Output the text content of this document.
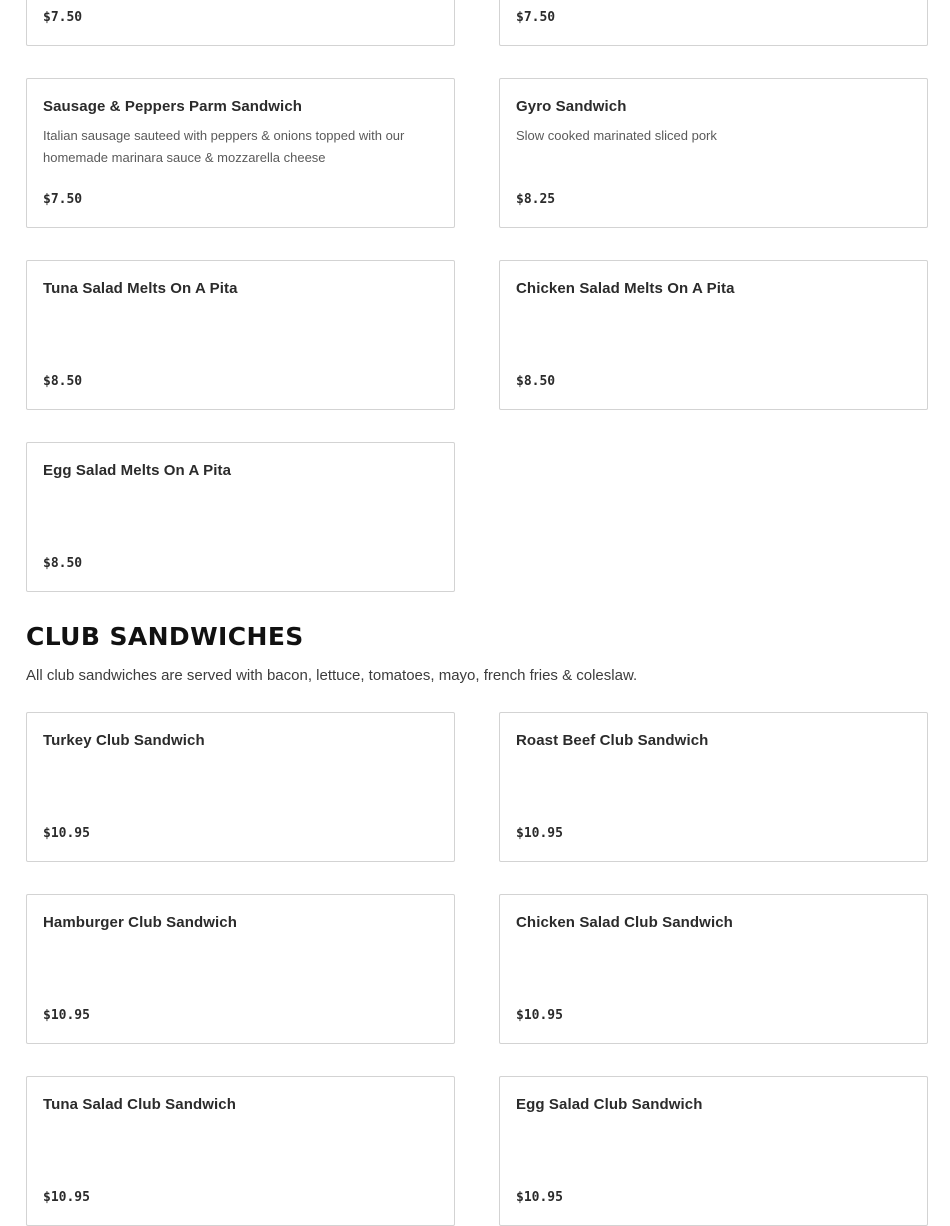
$7.50	$7.50
Sausage & Peppers Parm Sandwich
Italian sausage sauteed with peppers & onions topped with our homemade marinara sauce & mozzarella cheese
$7.50
Gyro Sandwich
Slow cooked marinated sliced pork
$8.25
Tuna Salad Melts On A Pita
$8.50
Chicken Salad Melts On A Pita
$8.50
Egg Salad Melts On A Pita
$8.50
CLUB SANDWICHES

All club sandwiches are served with bacon, lettuce, tomatoes, mayo, french fries & coleslaw.

Turkey Club Sandwich
$10.95
Roast Beef Club Sandwich
$10.95
Hamburger Club Sandwich
$10.95
Chicken Salad Club Sandwich
$10.95
Tuna Salad Club Sandwich
$10.95
Egg Salad Club Sandwich
$10.95
